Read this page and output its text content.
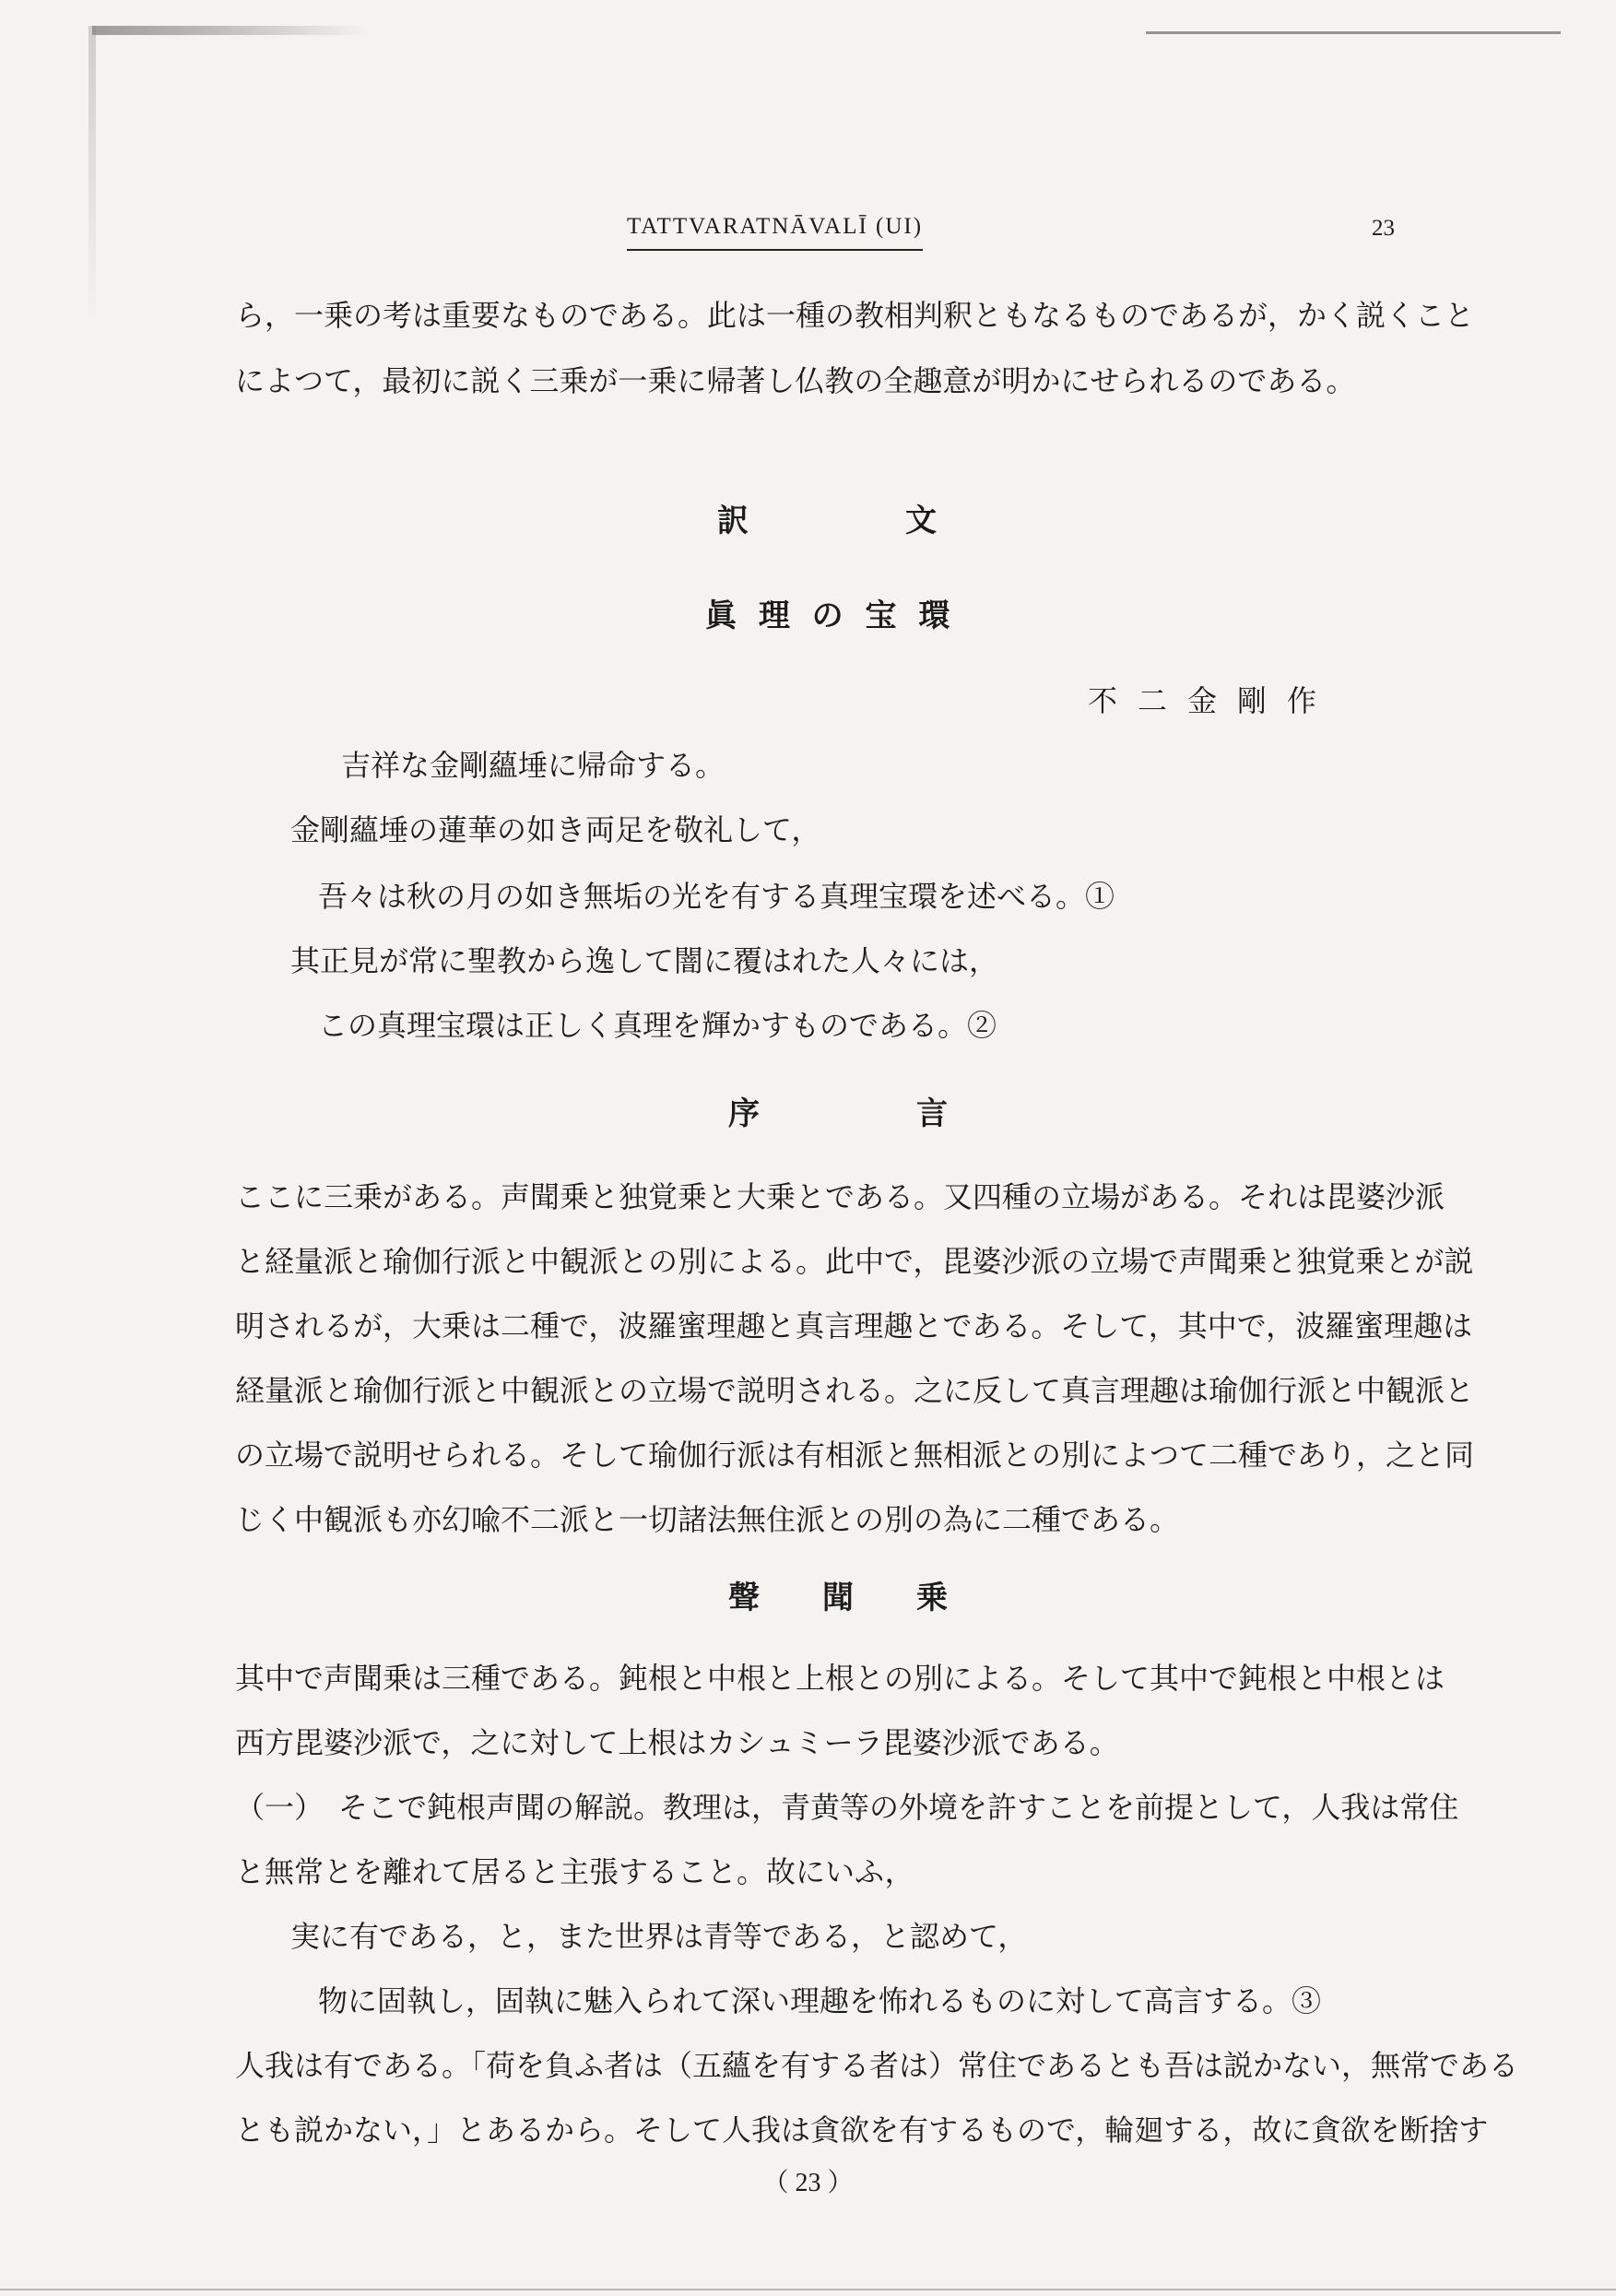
TATTVARATNĀVALĪ (UI)	23
ら，一乗の考は重要なものである。此は一種の教相判釈ともなるものであるが，かく説くこと
によつて，最初に説く三乗が一乗に帰著し仏教の全趣意が明かにせられるのである。
訳　　　　　文
眞 理 の 宝 環
不二金剛作
吉祥な金剛蘊埵に帰命する。
金剛蘊埵の蓮華の如き両足を敬礼して，
吾々は秋の月の如き無垢の光を有する真理宝環を述べる。①
其正見が常に聖教から逸して闇に覆はれた人々には，
この真理宝環は正しく真理を輝かすものである。②
序　　　　　言
ここに三乗がある。声聞乗と独覚乗と大乗とである。又四種の立場がある。それは毘婆沙派
と経量派と瑜伽行派と中観派との別による。此中で，毘婆沙派の立場で声聞乗と独覚乗とが説
明されるが，大乗は二種で，波羅蜜理趣と真言理趣とである。そして，其中で，波羅蜜理趣は
経量派と瑜伽行派と中観派との立場で説明される。之に反して真言理趣は瑜伽行派と中観派と
の立場で説明せられる。そして瑜伽行派は有相派と無相派との別によつて二種であり，之と同
じく中観派も亦幻喩不二派と一切諸法無住派との別の為に二種である。
聲　　聞　　乗
其中で声聞乗は三種である。鈍根と中根と上根との別による。そして其中で鈍根と中根とは
西方毘婆沙派で，之に対して上根はカシュミーラ毘婆沙派である。
（一）　そこで鈍根声聞の解説。教理は，青黄等の外境を許すことを前提として，人我は常住
と無常とを離れて居ると主張すること。故にいふ，
実に有である，と，また世界は青等である，と認めて，
物に固執し，固執に魅入られて深い理趣を怖れるものに対して高言する。③
人我は有である。「荷を負ふ者は（五蘊を有する者は）常住であるとも吾は説かない，無常である
とも説かない，」とあるから。そして人我は貪欲を有するもので，輪廻する，故に貪欲を断捨す
（ 23 ）
